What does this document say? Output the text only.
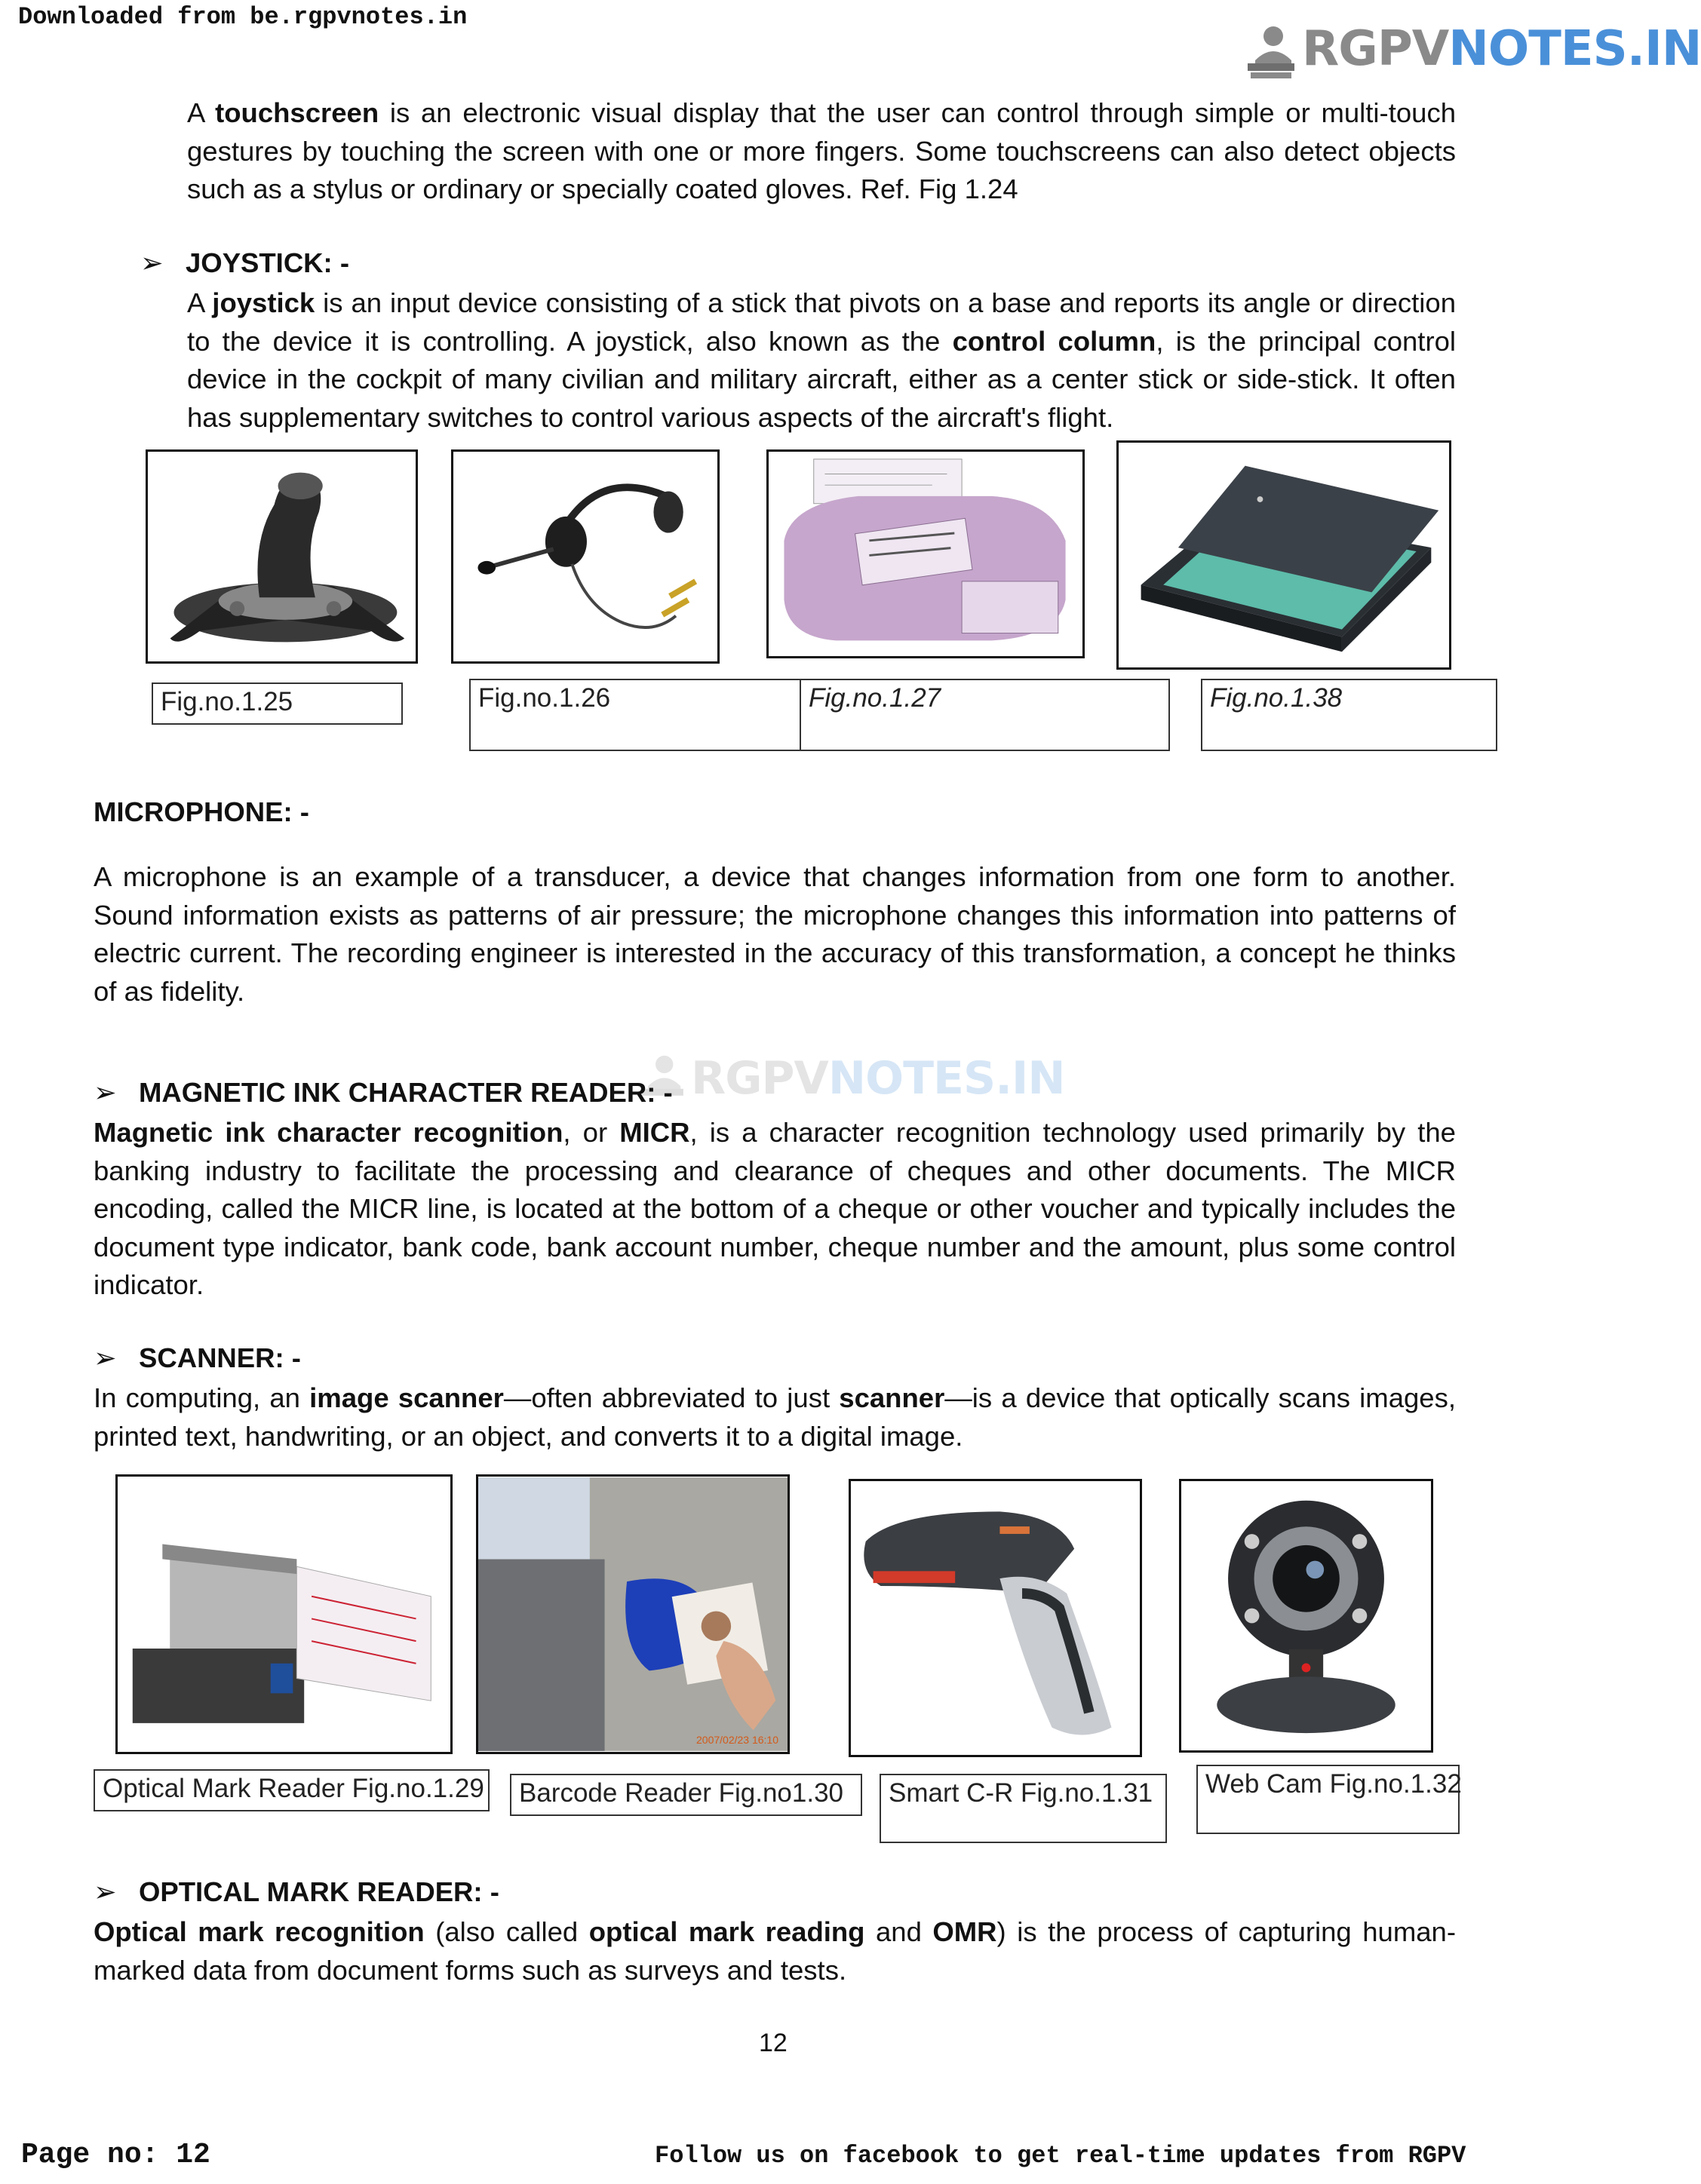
Downloaded from be.rgpvnotes.in
RGPVNOTES.IN

A touchscreen is an electronic visual display that the user can control through simple or multi-touch gestures by touching the screen with one or more fingers. Some touchscreens can also detect objects such as a stylus or ordinary or specially coated gloves. Ref. Fig 1.24

➢ JOYSTICK: -

A joystick is an input device consisting of a stick that pivots on a base and reports its angle or direction to the device it is controlling. A joystick, also known as the control column, is the principal control device in the cockpit of many civilian and military aircraft, either as a center stick or side-stick. It often has supplementary switches to control various aspects of the aircraft's flight.

Fig.no.1.25	Fig.no.1.26	Fig.no.1.27	Fig.no.1.38
MICROPHONE: -

A microphone is an example of a transducer, a device that changes information from one form to another. Sound information exists as patterns of air pressure; the microphone changes this information into patterns of electric current. The recording engineer is interested in the accuracy of this transformation, a concept he thinks of as fidelity.

RGPVNOTES.IN
➢ MAGNETIC INK CHARACTER READER: -

Magnetic ink character recognition, or MICR, is a character recognition technology used primarily by the banking industry to facilitate the processing and clearance of cheques and other documents. The MICR encoding, called the MICR line, is located at the bottom of a cheque or other voucher and typically includes the document type indicator, bank code, bank account number, cheque number and the amount, plus some control indicator.

➢ SCANNER: -

In computing, an image scanner—often abbreviated to just scanner—is a device that optically scans images, printed text, handwriting, or an object, and converts it to a digital image.

2007/02/23 16:10
Optical Mark Reader Fig.no.1.29	Barcode Reader Fig.no1.30	Smart C-R Fig.no.1.31	Web Cam Fig.no.1.32
➢ OPTICAL MARK READER: -

Optical mark recognition (also called optical mark reading and OMR) is the process of capturing human-marked data from document forms such as surveys and tests.

12
Page no: 12	Follow us on facebook to get real-time updates from RGPV
